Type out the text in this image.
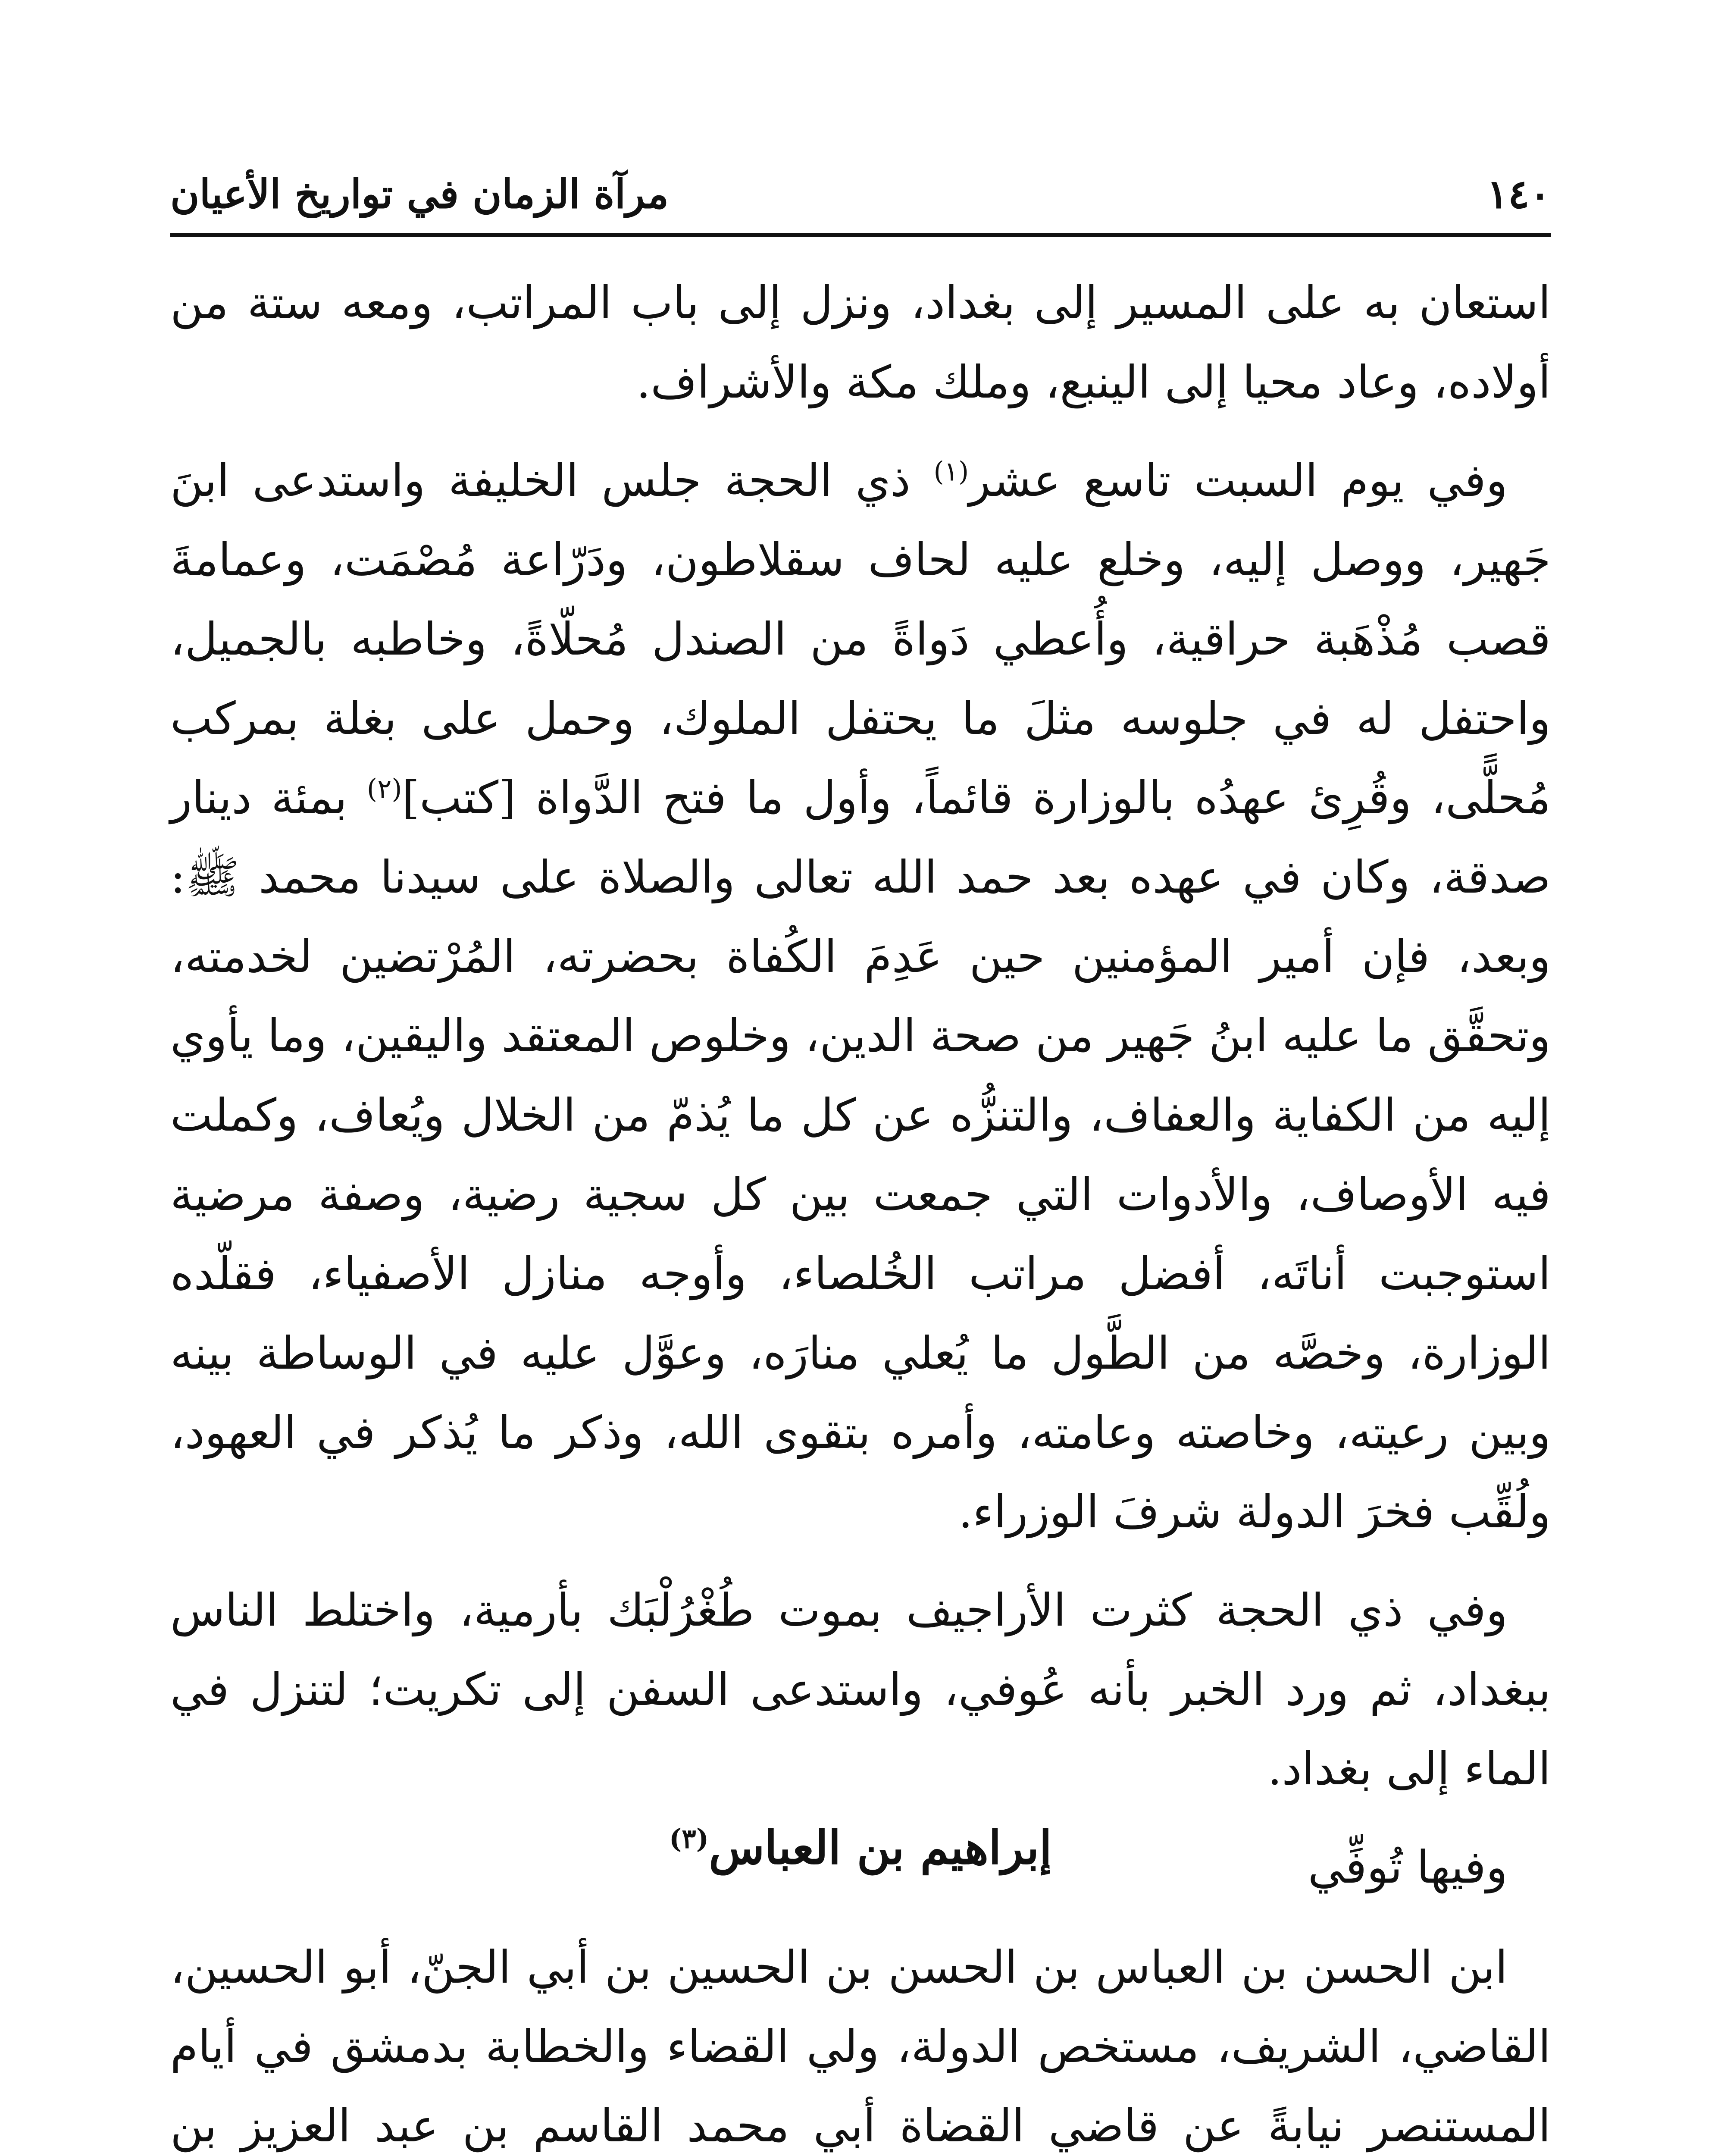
١٤٠
مرآة الزمان في تواريخ الأعيان

استعان به على المسير إلى بغداد، ونزل إلى باب المراتب، ومعه ستة من أولاده، وعاد محيا إلى الينبع، وملك مكة والأشراف.

وفي يوم السبت تاسع عشر$^{(١)}$ ذي الحجة جلس الخليفة واستدعى ابنَ جَهير، ووصل إليه، وخلع عليه لحاف سقلاطون، ودَرّاعة مُصْمَت، وعمامةَ قصب مُذْهَبة حراقية، وأُعطي دَواةً من الصندل مُحلّاةً، وخاطبه بالجميل، واحتفل له في جلوسه مثلَ ما يحتفل الملوك، وحمل على بغلة بمركب مُحلًّى، وقُرِئ عهدُه بالوزارة قائماً، وأول ما فتح الدَّواة [كتب]$^{(٢)}$ بمئة دينار صدقة، وكان في عهده بعد حمد الله تعالى والصلاة على سيدنا محمد ﷺ: وبعد، فإن أمير المؤمنين حين عَدِمَ الكُفاة بحضرته، المُرْتضين لخدمته، وتحقَّق ما عليه ابنُ جَهير من صحة الدين، وخلوص المعتقد واليقين، وما يأوي إليه من الكفاية والعفاف، والتنزُّه عن كل ما يُذمّ من الخلال ويُعاف، وكملت فيه الأوصاف، والأدوات التي جمعت بين كل سجية رضية، وصفة مرضية استوجبت أناتَه، أفضل مراتب الخُلصاء، وأوجه منازل الأصفياء، فقلّده الوزارة، وخصَّه من الطَّول ما يُعلي منارَه، وعوَّل عليه في الوساطة بينه وبين رعيته، وخاصته وعامته، وأمره بتقوى الله، وذكر ما يُذكر في العهود، ولُقِّب فخرَ الدولة شرفَ الوزراء.

وفي ذي الحجة كثرت الأراجيف بموت طُغْرُلْبَك بأرمية، واختلط الناس ببغداد، ثم ورد الخبر بأنه عُوفي، واستدعى السفن إلى تكريت؛ لتنزل في الماء إلى بغداد.

وفيها تُوفِّي

إبراهيم بن العباس$^{(٣)}$

ابن الحسن بن العباس بن الحسن بن الحسين بن أبي الجنّ، أبو الحسين، القاضي، الشريف، مستخص الدولة، ولي القضاء والخطابة بدمشق في أيام المستنصر نيابةً عن قاضي القضاة أبي محمد القاسم بن عبد العزيز بن
